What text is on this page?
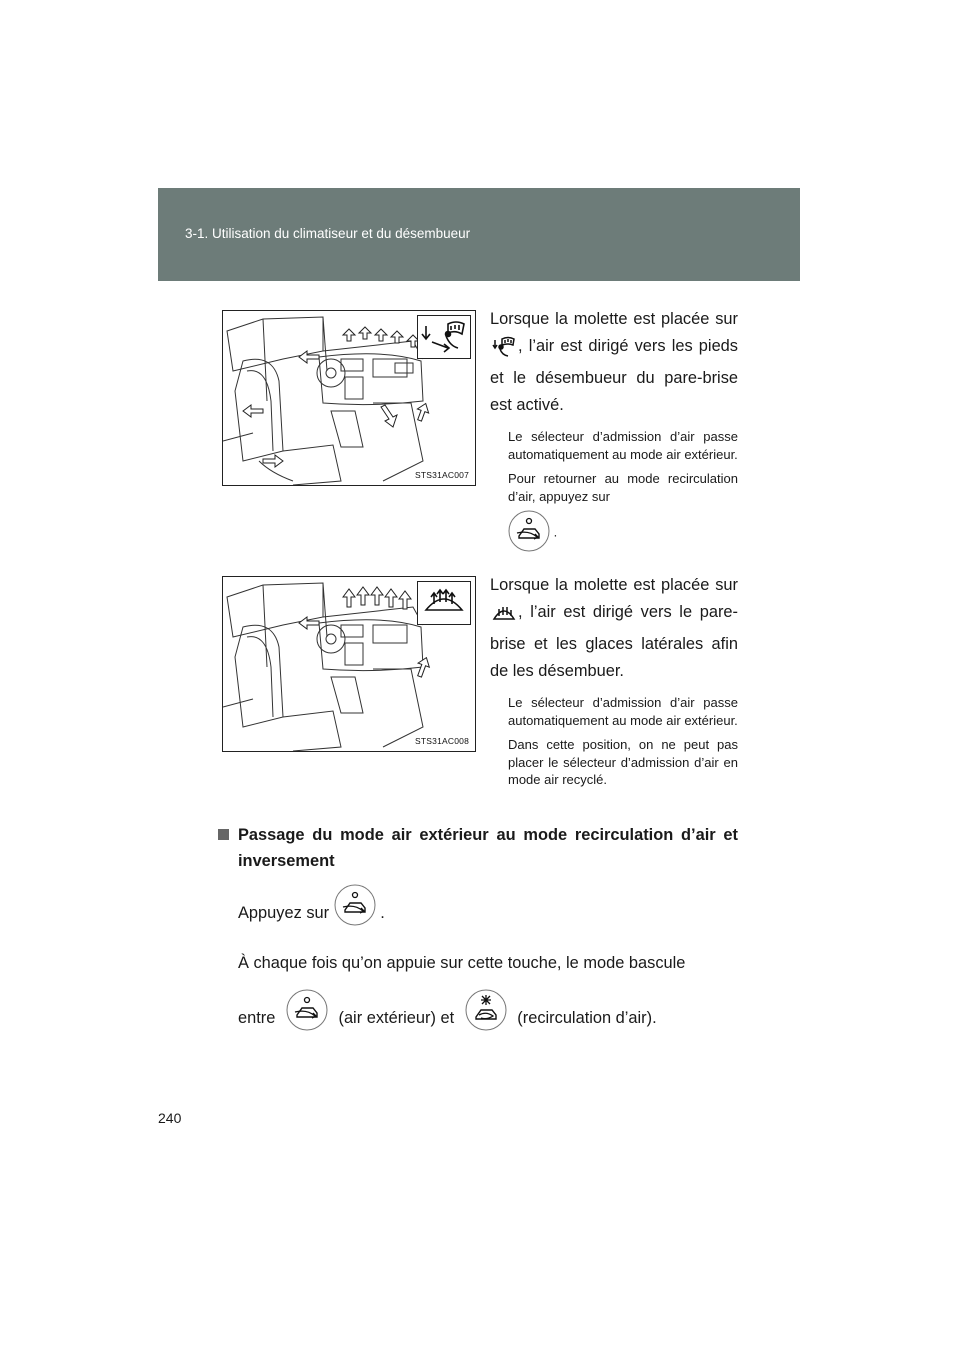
3-1. Utilisation du climatiseur et du désembueur
STS31AC007

Lorsque la molette est placée sur , l’air est dirigé vers les pieds et le désembueur du pare-brise est activé.

Le sélecteur d’admission d’air passe automatiquement au mode air extérieur.

Pour retourner au mode recirculation d’air, appuyez sur

.

STS31AC008

Lorsque la molette est placée sur , l’air est dirigé vers le pare-brise et les glaces latérales afin de les désembuer.

Le sélecteur d’admission d’air passe automatiquement au mode air extérieur.

Dans cette position, on ne peut pas placer le sélecteur d’admission d’air en mode air recyclé.

Passage du mode air extérieur au mode recirculation d’air et inversement

Appuyez sur	.

À chaque fois qu’on appuie sur cette touche, le mode bascule

entre	(air extérieur) et	(recirculation d’air).

240
